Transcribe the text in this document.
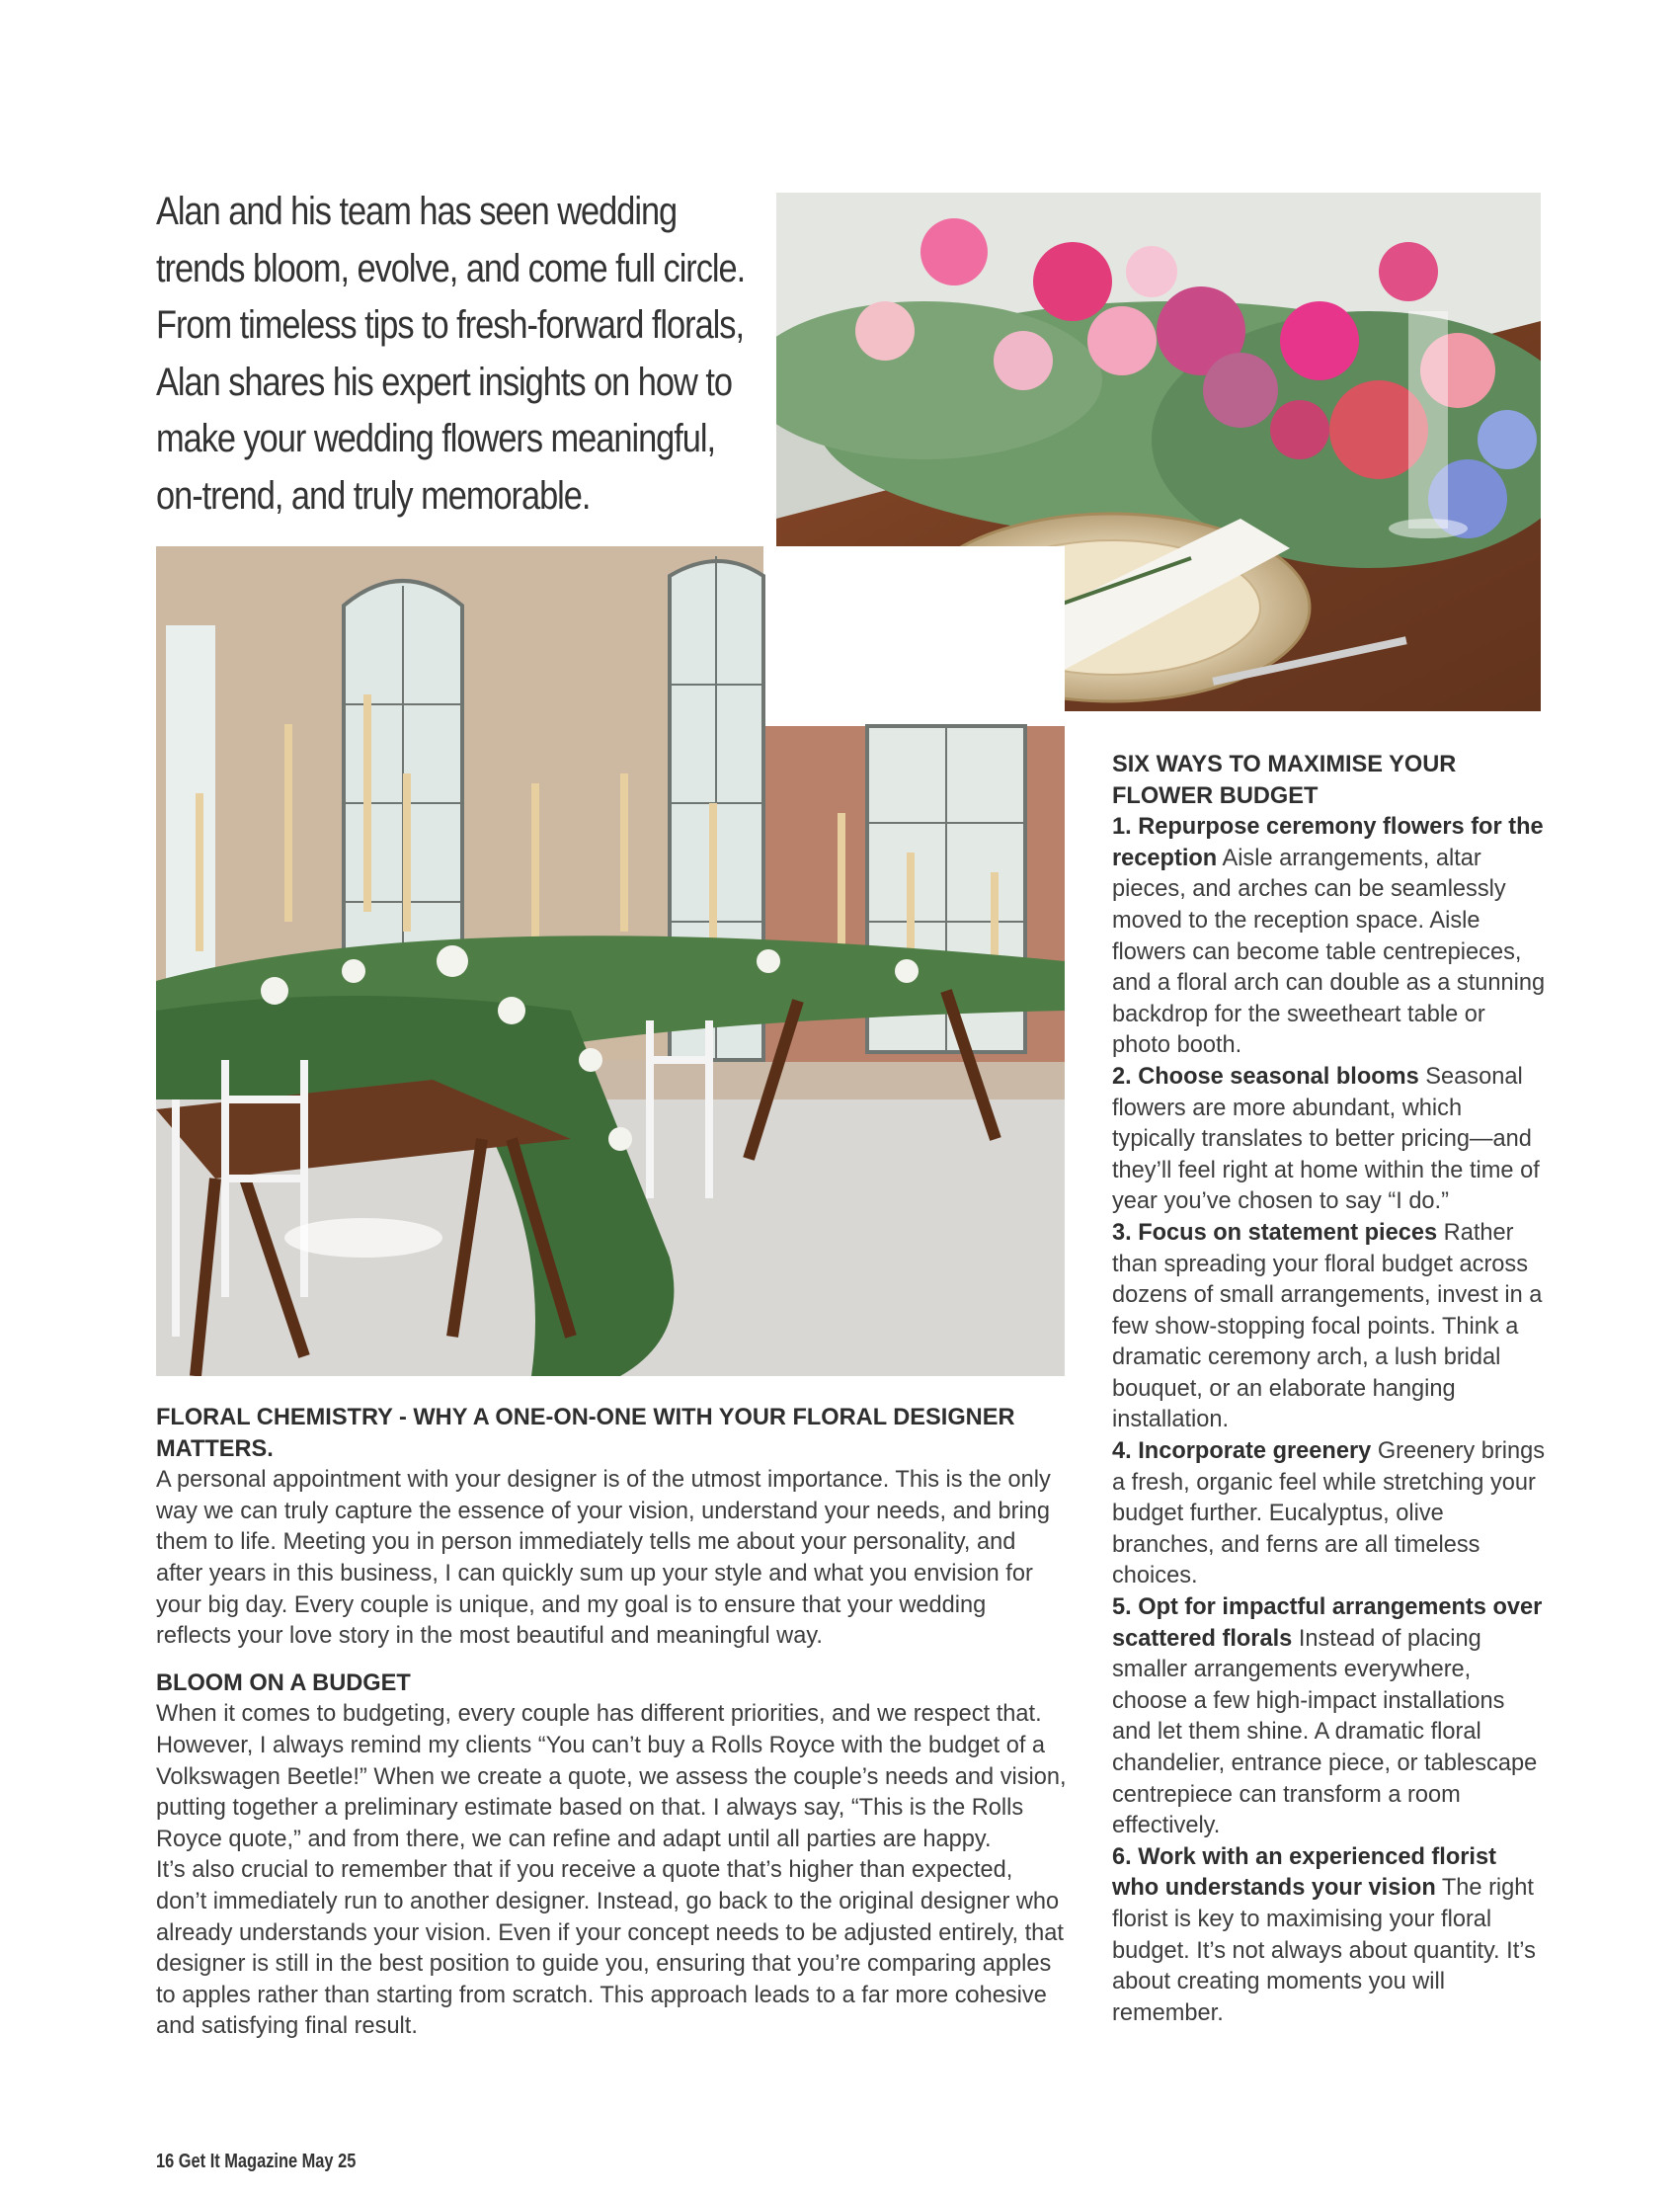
Alan and his team has seen wedding trends bloom, evolve, and come full circle. From timeless tips to fresh-forward florals, Alan shares his expert insights on how to make your wedding flowers meaningful, on-trend, and truly memorable.

FLORAL CHEMISTRY - WHY A ONE-ON-ONE WITH YOUR FLORAL DESIGNER MATTERS.

A personal appointment with your designer is of the utmost importance. This is the only way we can truly capture the essence of your vision, understand your needs, and bring them to life. Meeting you in person immediately tells me about your personality, and after years in this business, I can quickly sum up your style and what you envision for your big day. Every couple is unique, and my goal is to ensure that your wedding reflects your love story in the most beautiful and meaningful way.

BLOOM ON A BUDGET

When it comes to budgeting, every couple has different priorities, and we respect that. However, I always remind my clients “You can’t buy a Rolls Royce with the budget of a Volkswagen Beetle!” When we create a quote, we assess the couple’s needs and vision, putting together a preliminary estimate based on that. I always say, “This is the Rolls Royce quote,” and from there, we can refine and adapt until all parties are happy.

It’s also crucial to remember that if you receive a quote that’s higher than expected, don’t immediately run to another designer. Instead, go back to the original designer who already understands your vision. Even if your concept needs to be adjusted entirely, that designer is still in the best position to guide you, ensuring that you’re comparing apples to apples rather than starting from scratch. This approach leads to a far more cohesive and satisfying final result.

SIX WAYS TO MAXIMISE YOUR FLOWER BUDGET

1. Repurpose ceremony flowers for the reception Aisle arrangements, altar pieces, and arches can be seamlessly moved to the reception space. Aisle flowers can become table centrepieces, and a floral arch can double as a stunning backdrop for the sweetheart table or photo booth.

2. Choose seasonal blooms Seasonal flowers are more abundant, which typically translates to better pricing—and they’ll feel right at home within the time of year you’ve chosen to say “I do.”

3. Focus on statement pieces Rather than spreading your floral budget across dozens of small arrangements, invest in a few show-stopping focal points. Think a dramatic ceremony arch, a lush bridal bouquet, or an elaborate hanging installation.

4. Incorporate greenery Greenery brings a fresh, organic feel while stretching your budget further. Eucalyptus, olive branches, and ferns are all timeless choices.

5. Opt for impactful arrangements over scattered florals Instead of placing smaller arrangements everywhere, choose a few high-impact installations and let them shine. A dramatic floral chandelier, entrance piece, or tablescape centrepiece can transform a room effectively.

6. Work with an experienced florist who understands your vision The right florist is key to maximising your floral budget. It’s not always about quantity. It’s about creating moments you will remember.

16 Get It Magazine May 25
